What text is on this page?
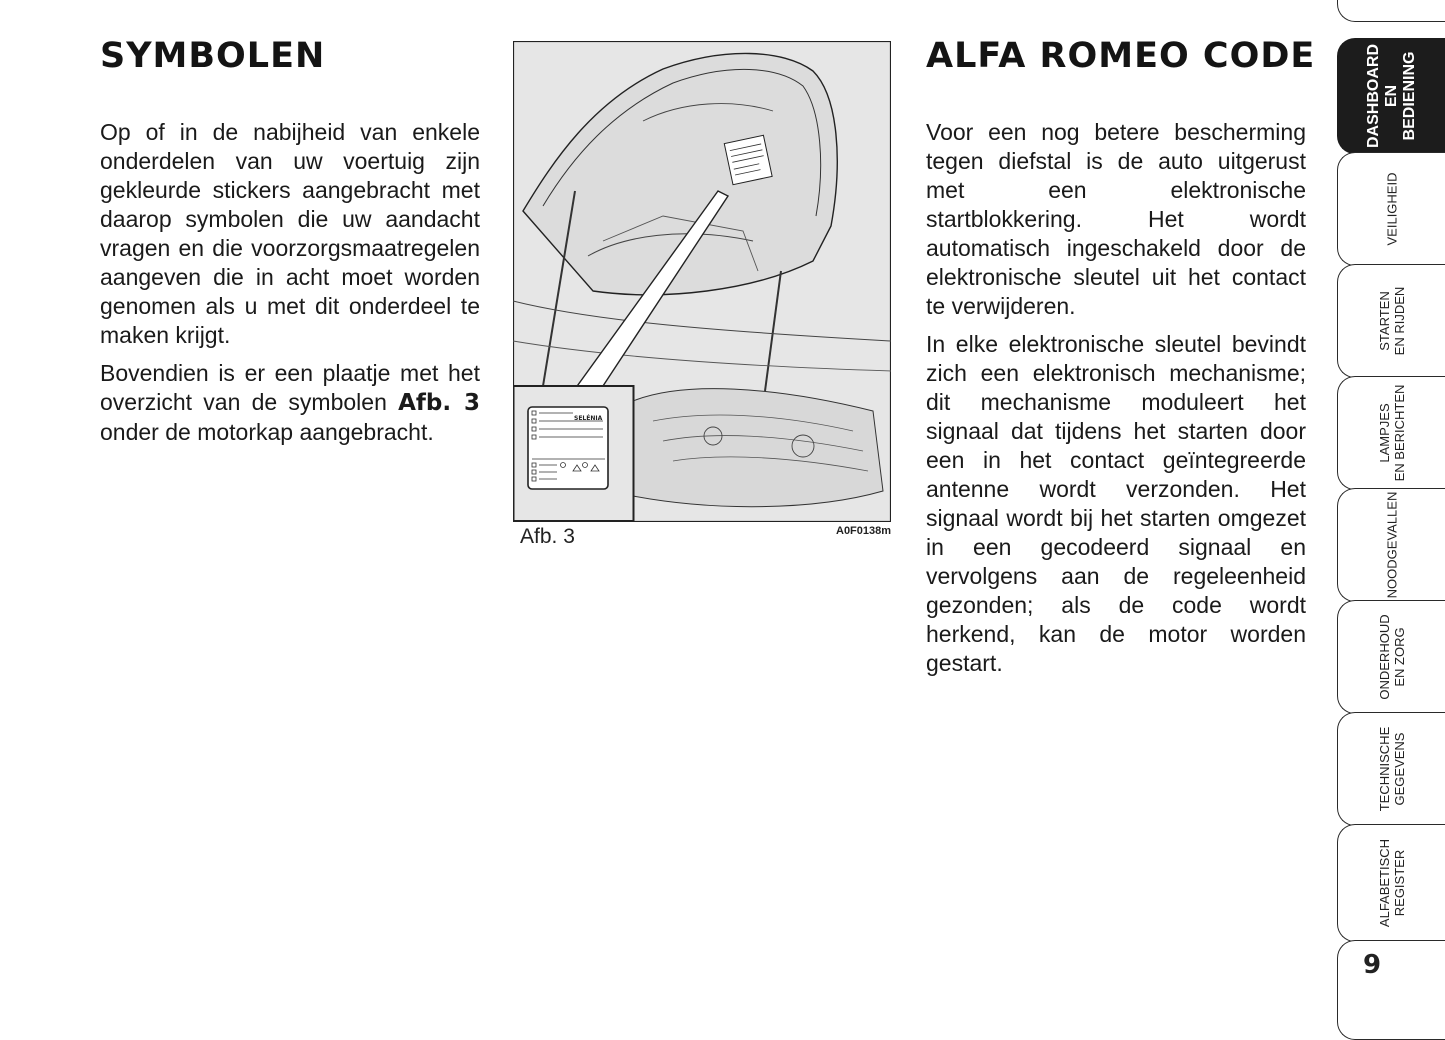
SYMBOLEN

Op of in de nabijheid van enkele onderdelen van uw voertuig zijn gekleurde stickers aangebracht met daarop symbolen die uw aandacht vragen en die voorzorgsmaatregelen aangeven die in acht moet worden genomen als u met dit onderdeel te maken krijgt.

Bovendien is er een plaatje met het overzicht van de symbolen Afb. 3 onder de motorkap aangebracht.

SELÉNIA
Afb. 3	A0F0138m
ALFA ROMEO CODE

Voor een nog betere bescherming tegen diefstal is de auto uitgerust met een elektronische startblokkering. Het wordt automatisch ingeschakeld door de elektronische sleutel uit het contact te verwijderen.

In elke elektronische sleutel bevindt zich een elektronisch mechanisme; dit mechanisme moduleert het signaal dat tijdens het starten door een in het contact geïntegreerde antenne wordt verzonden. Het signaal wordt bij het starten omgezet in een gecodeerd signaal en vervolgens aan de regeleenheid gezonden; als de code wordt herkend, kan de motor worden gestart.

DASHBOARD
EN
BEDIENING
VEILIGHEID
STARTEN
EN RIJDEN
LAMPJES
EN BERICHTEN
NOODGEVALLEN
ONDERHOUD
EN ZORG
TECHNISCHE
GEGEVENS
ALFABETISCH
REGISTER
9
